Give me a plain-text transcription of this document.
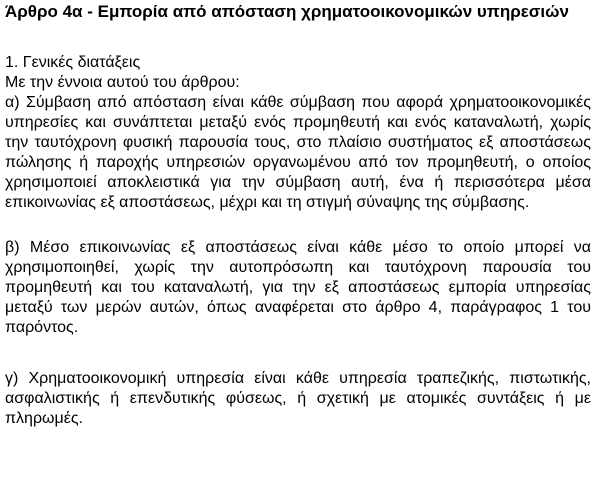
Άρθρο 4α - Εμπορία από απόσταση χρηματοοικονομικών υπηρεσιών

1. Γενικές διατάξεις

Με την έννοια αυτού του άρθρου:

α) Σύμβαση από απόσταση είναι κάθε σύμβαση που αφορά χρηματοοικονομικές υπηρεσίες και συνάπτεται μεταξύ ενός προμηθευτή και ενός καταναλωτή, χωρίς την ταυτόχρονη φυσική παρουσία τους, στο πλαίσιο συστήματος εξ αποστάσεως πώλησης ή παροχής υπηρεσιών οργανωμένου από τον προμηθευτή, ο οποίος χρησιμοποιεί αποκλειστικά για την σύμβαση αυτή, ένα ή περισσότερα μέσα επικοινωνίας εξ αποστάσεως, μέχρι και τη στιγμή σύναψης της σύμβασης.

β) Μέσο επικοινωνίας εξ αποστάσεως είναι κάθε μέσο το οποίο μπορεί να χρησιμοποιηθεί, χωρίς την αυτοπρόσωπη και ταυτόχρονη παρουσία του προμηθευτή και του καταναλωτή, για την εξ αποστάσεως εμπορία υπηρεσίας μεταξύ των μερών αυτών, όπως αναφέρεται στο άρθρο 4, παράγραφος 1 του παρόντος.

γ) Χρηματοοικονομική υπηρεσία είναι κάθε υπηρεσία τραπεζικής, πιστωτικής, ασφαλιστικής ή επενδυτικής φύσεως, ή σχετική με ατομικές συντάξεις ή με πληρωμές.
